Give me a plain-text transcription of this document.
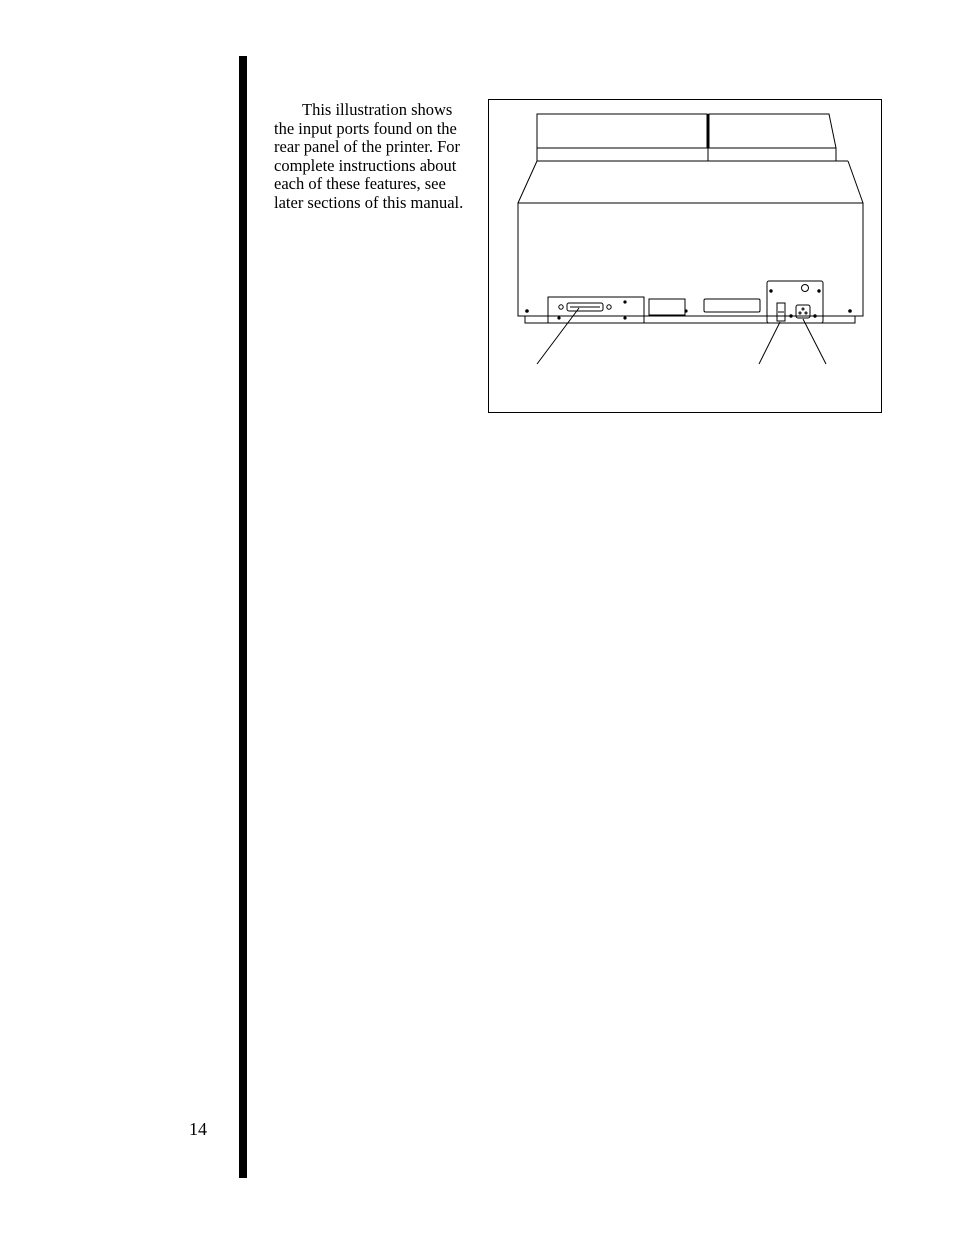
This illustration shows the input ports found on the rear panel of the printer. For complete instructions about each of these features, see later sections of this manual.

14
